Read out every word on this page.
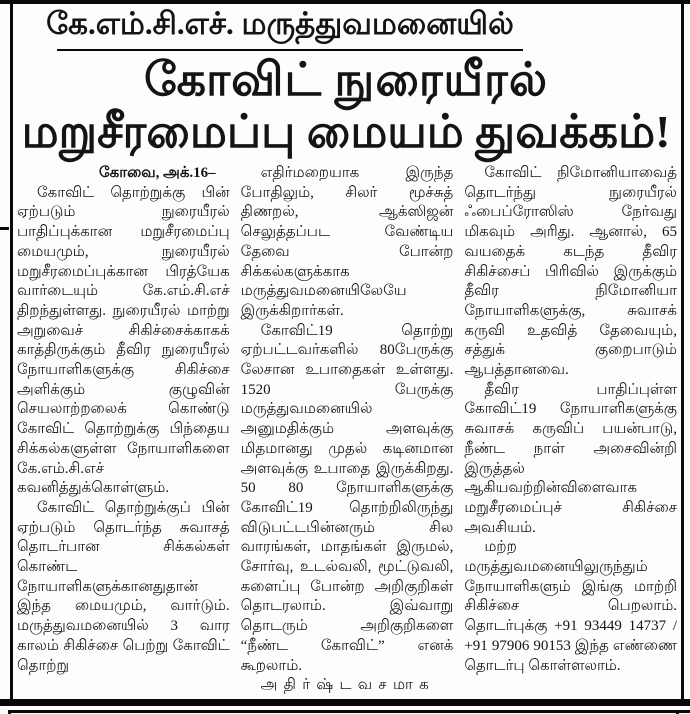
கே.எம்.சி.எச். மருத்துவமனையில்
கோவிட் நுரையீரல்
மறுசீரமைப்பு மையம் துவக்கம்!

கோவை, அக்.16–

கோவிட் தொற்றுக்கு பின் ஏற்படும் நுரையீரல் பாதிப்புக்கான மறுசீரமைப்பு மையமும், நுரையீரல் மறுசீரமைப்புக்கான பிரத்யேக வார்டையும் கே.எம்.சி.எச் திறந்துள்ளது. நுரையீரல் மாற்று அறுவைச் சிகிச்சைக்காகக் காத்திருக்கும் தீவிர நுரையீரல் நோயாளிகளுக்கு சிகிச்சை அளிக்கும் குழுவின் செயலாற்றலைக் கொண்டு கோவிட் தொற்றுக்கு பிந்தைய சிக்கல்களுள்ள நோயாளிகளை கே.எம்.சி.எச் கவனித்துக்கொள்ளும்.

கோவிட் தொற்றுக்குப் பின் ஏற்படும் தொடர்ந்த சுவாசத் தொடர்பான சிக்கல்கள் கொண்ட நோயாளிகளுக்கானதுதான் இந்த மையமும், வார்டும். மருத்துவமனையில் 3 வார காலம் சிகிச்சை பெற்று கோவிட் தொற்று

எதிர்மறையாக இருந்த போதிலும், சிலர் மூச்சுத் திணறல், ஆக்ஸிஜன் செலுத்தப்பட வேண்டிய தேவை போன்ற சிக்கல்களுக்காக மருத்துவமனையிலேயே இருக்கிறார்கள்.

கோவிட்19 தொற்று ஏற்பட்டவர்களில் 80பேருக்கு லேசான உபாதைகள் உள்ளது. 1520 பேருக்கு மருத்துவமனையில் அனுமதிக்கும் அளவுக்கு மிதமானது முதல் கடினமான அளவுக்கு உபாதை இருக்கிறது. 50 80 நோயாளிகளுக்கு கோவிட்19 தொற்றிலிருந்து விடுபட்டபின்னரும் சில வாரங்கள், மாதங்கள் இருமல், சோர்வு, உடல்வலி, மூட்டுவலி, களைப்பு போன்ற அறிகுறிகள் தொடரலாம். இவ்வாறு தொடரும் அறிகுறிகளை “நீண்ட கோவிட்” எனக் கூறலாம்.

அதிர்ஷ்டவசமாக

கோவிட் நிமோனியாவைத் தொடர்ந்து நுரையீரல் ஃபைப்ரோஸிஸ் நேர்வது மிகவும் அரிது. ஆனால், 65 வயதைக் கடந்த தீவிர சிகிச்சைப் பிரிவில் இருக்கும் தீவிர நிமோனியா நோயாளிகளுக்கு, சுவாசக் கருவி உதவித் தேவையும், சத்துக் குறைபாடும் ஆபத்தானவை.

தீவிர பாதிப்புள்ள கோவிட்19 நோயாளிகளுக்கு சுவாசக் கருவிப் பயன்பாடு, நீண்ட நாள் அசைவின்றி இருத்தல் ஆகியவற்றின்விளைவாக மறுசீரமைப்புச் சிகிச்சை அவசியம்.

மற்ற மருத்துவமனையிலுருந்தும் நோயாளிகளும் இங்கு மாற்றி சிகிச்சை பெறலாம். தொடர்புக்கு +91 93449 14737 / +91 97906 90153 இந்த எண்ணை தொடர்பு கொள்ளலாம்.
